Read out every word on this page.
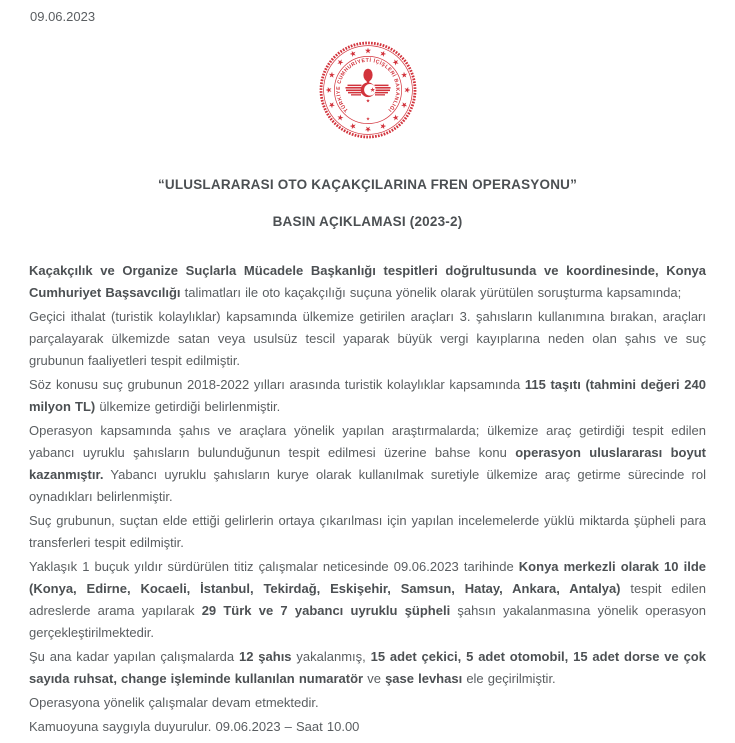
09.06.2023
TÜRKİYE CUMHURİYETİ İÇİŞLERİ BAKANLIĞI
“ULUSLARARASI OTO KAÇAKÇILARINA FREN OPERASYONU”
BASIN AÇIKLAMASI (2023-2)

Kaçakçılık ve Organize Suçlarla Mücadele Başkanlığı tespitleri doğrultusunda ve koordinesinde, Konya Cumhuriyet Başsavcılığı talimatları ile oto kaçakçılığı suçuna yönelik olarak yürütülen soruşturma kapsamında;

Geçici ithalat (turistik kolaylıklar) kapsamında ülkemize getirilen araçları 3. şahısların kullanımına bırakan, araçları parçalayarak ülkemizde satan veya usulsüz tescil yaparak büyük vergi kayıplarına neden olan şahıs ve suç grubunun faaliyetleri tespit edilmiştir.

Söz konusu suç grubunun 2018-2022 yılları arasında turistik kolaylıklar kapsamında 115 taşıtı (tahmini değeri 240 milyon TL) ülkemize getirdiği belirlenmiştir.

Operasyon kapsamında şahıs ve araçlara yönelik yapılan araştırmalarda; ülkemize araç getirdiği tespit edilen yabancı uyruklu şahısların bulunduğunun tespit edilmesi üzerine bahse konu operasyon uluslararası boyut kazanmıştır. Yabancı uyruklu şahısların kurye olarak kullanılmak suretiyle ülkemize araç getirme sürecinde rol oynadıkları belirlenmiştir.

Suç grubunun, suçtan elde ettiği gelirlerin ortaya çıkarılması için yapılan incelemelerde yüklü miktarda şüpheli para transferleri tespit edilmiştir.

Yaklaşık 1 buçuk yıldır sürdürülen titiz çalışmalar neticesinde 09.06.2023 tarihinde Konya merkezli olarak 10 ilde (Konya, Edirne, Kocaeli, İstanbul, Tekirdağ, Eskişehir, Samsun, Hatay, Ankara, Antalya) tespit edilen adreslerde arama yapılarak 29 Türk ve 7 yabancı uyruklu şüpheli şahsın yakalanmasına yönelik operasyon gerçekleştirilmektedir.

Şu ana kadar yapılan çalışmalarda 12 şahıs yakalanmış, 15 adet çekici, 5 adet otomobil, 15 adet dorse ve çok sayıda ruhsat, change işleminde kullanılan numaratör ve şase levhası ele geçirilmiştir.

Operasyona yönelik çalışmalar devam etmektedir.

Kamuoyuna saygıyla duyurulur. 09.06.2023 – Saat 10.00
